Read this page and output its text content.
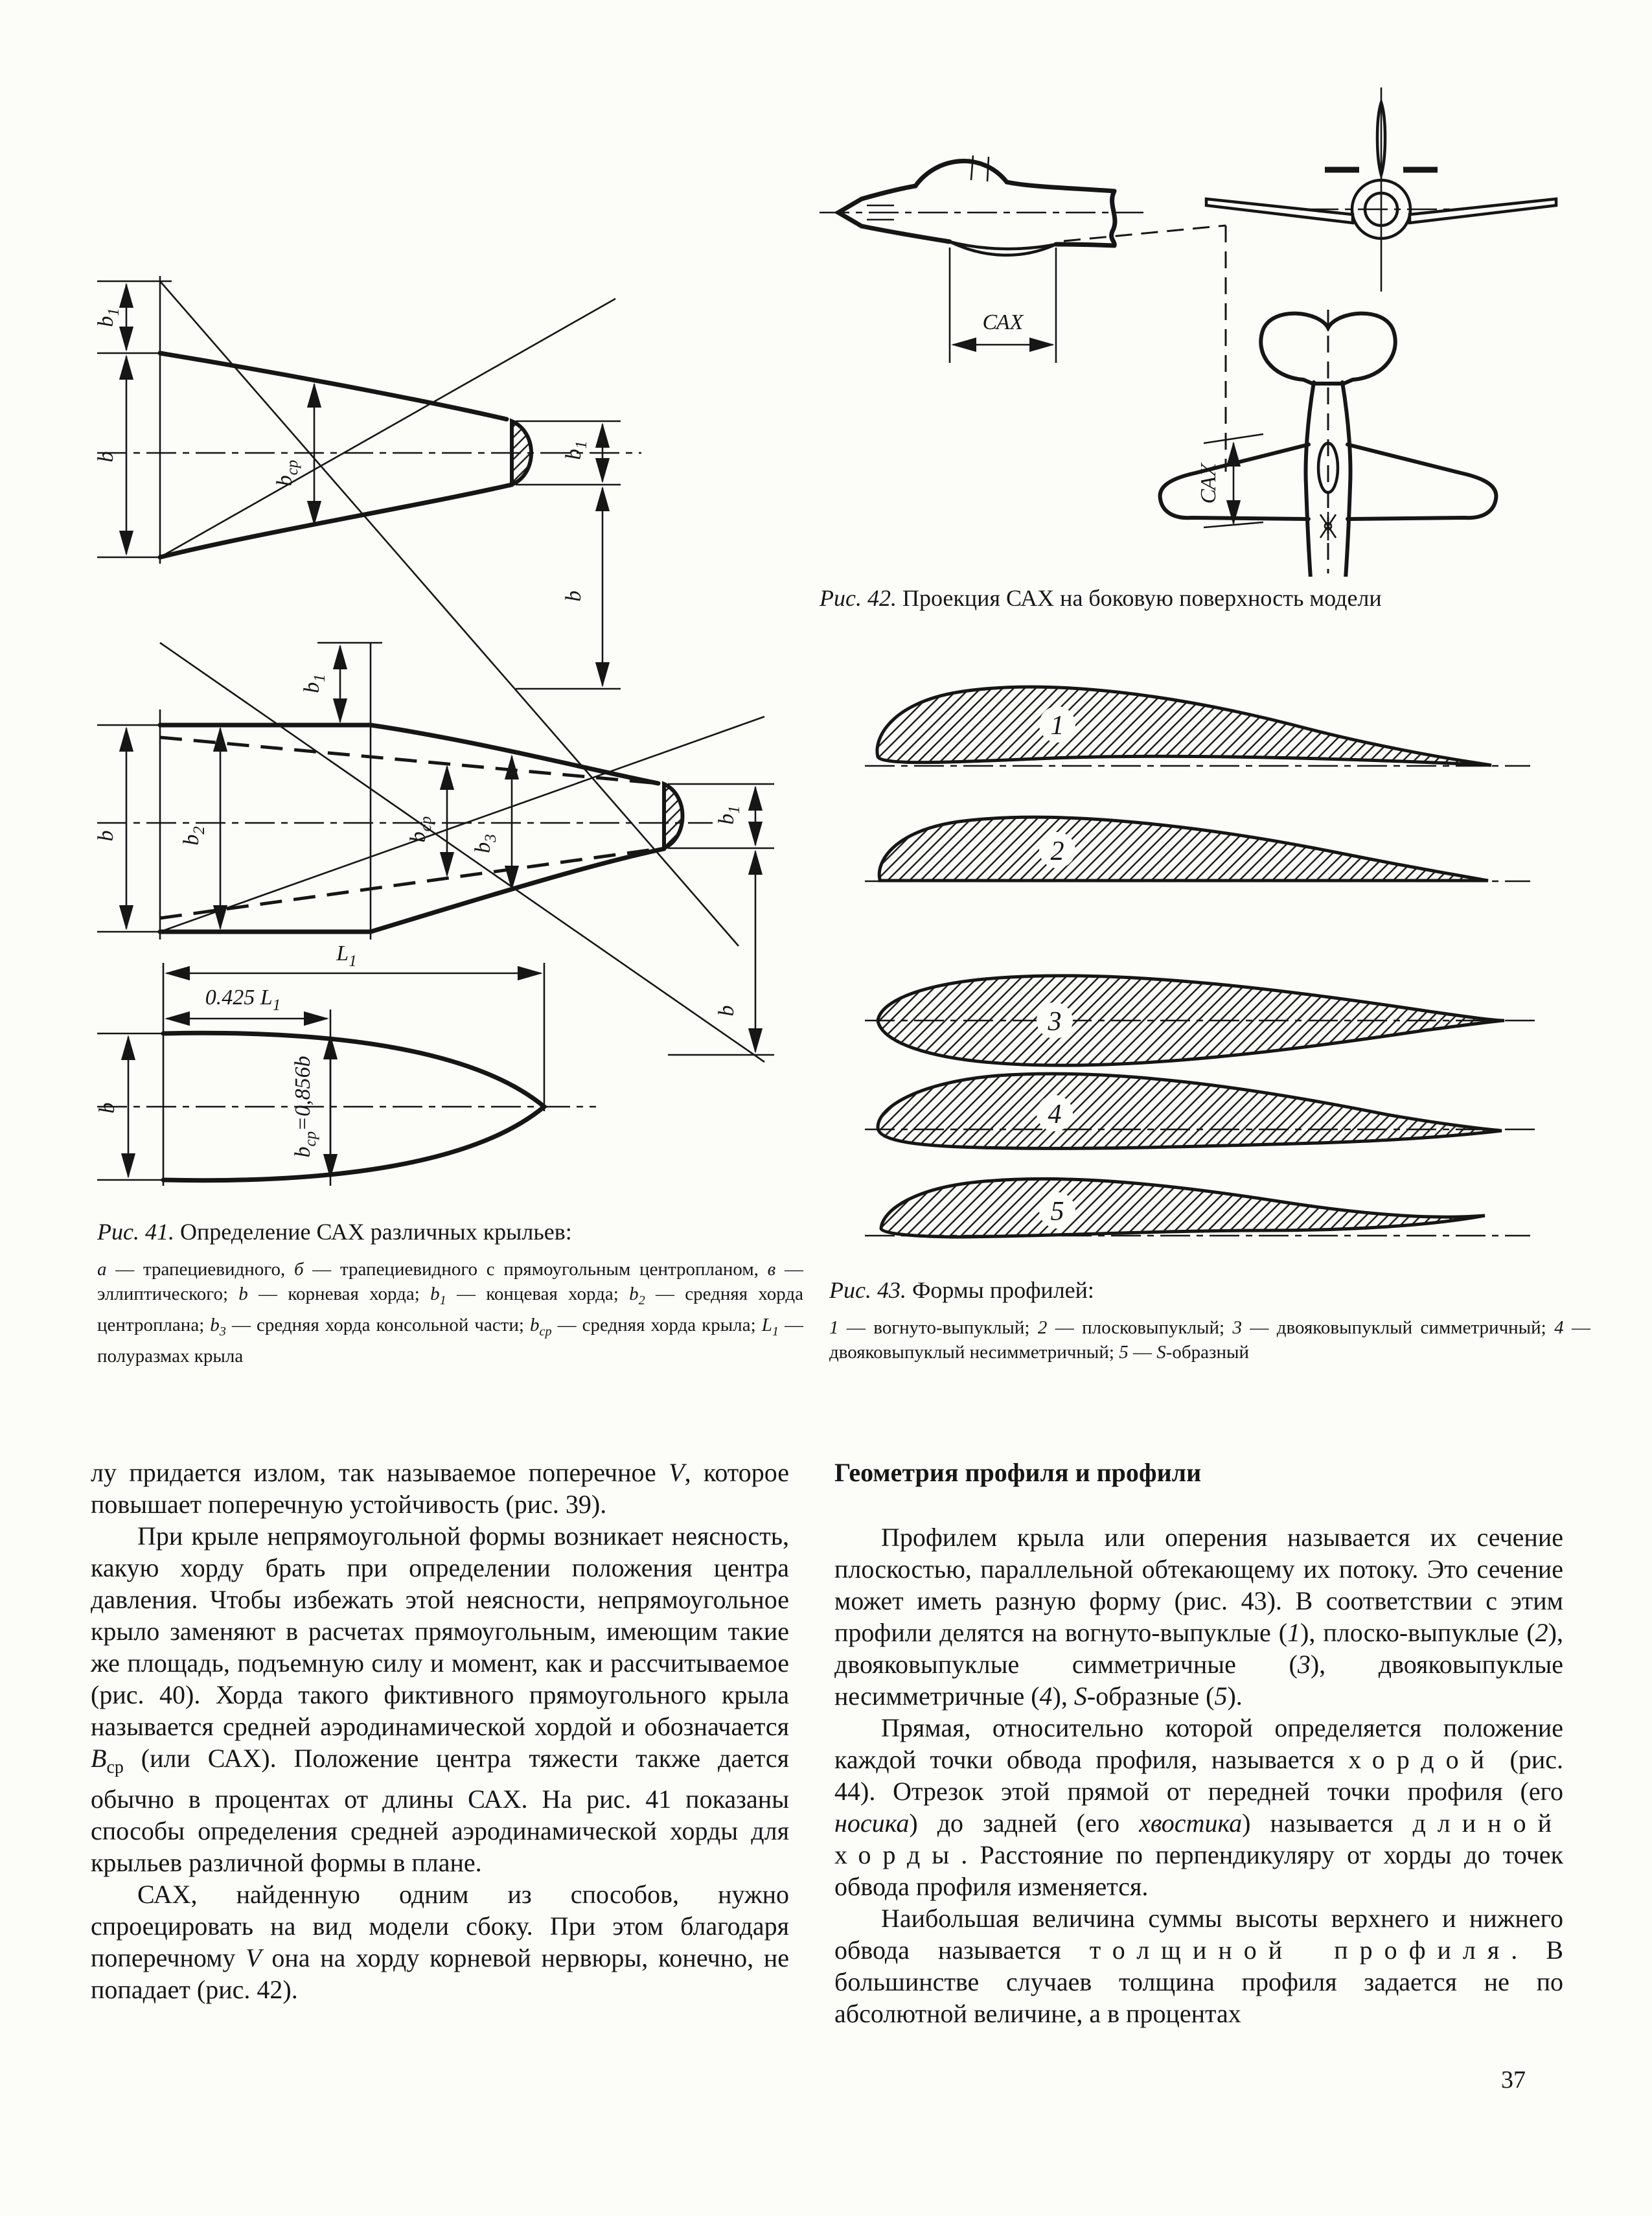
$b_1$
b	$b_1$
b
$b_{ср}$
$b_1$
b	$b_2$
$b_{ср}$
$b_3$
$b_1$
b
$L_1$
0.425 $L_1$
b
$b_{ср}=0,856b$

Рис. 41. Определение САХ различных крыльев:

а — трапециевидного, б — трапециевидного с прямоугольным центропланом, в — эллиптического; b — корневая хорда; $b_1$ — концевая хорда; $b_2$ — средняя хорда центроплана; $b_3$ — средняя хорда консольной части; $b_{ср}$ — средняя хорда крыла; $L_1$ — полуразмах крыла

САХ
САХ

Рис. 42. Проекция САХ на боковую поверхность модели

1
2
3
4
5

Рис. 43. Формы профилей:

1 — вогнуто-выпуклый; 2 — плосковыпуклый; 3 — двояковыпуклый симметричный; 4 — двояковыпуклый несимметричный; 5 — S-образный

лу придается излом, так называемое поперечное V, которое повышает поперечную устойчивость (рис. 39).

При крыле непрямоугольной формы возникает неясность, какую хорду брать при определении положения центра давления. Чтобы избежать этой неясности, непрямоугольное крыло заменяют в расчетах прямоугольным, имеющим такие же площадь, подъемную силу и момент, как и рассчитываемое (рис. 40). Хорда такого фиктивного прямоугольного крыла называется средней аэродинамической хордой и обозначается $B_{ср}$ (или САХ). Положение центра тяжести также дается обычно в процентах от длины САХ. На рис. 41 показаны способы определения средней аэродинамической хорды для крыльев различной формы в плане.

САХ, найденную одним из способов, нужно спроецировать на вид модели сбоку. При этом благодаря поперечному V она на хорду корневой нервюры, конечно, не попадает (рис. 42).

Геометрия профиля и профили

Профилем крыла или оперения называется их сечение плоскостью, параллельной обтекающему их потоку. Это сечение может иметь разную форму (рис. 43). В соответствии с этим профили делятся на вогнуто-выпуклые (1), плоско-выпуклые (2), двояковыпуклые симметричные (3), двояковыпуклые несимметричные (4), S-образные (5).

Прямая, относительно которой определяется положение каждой точки обвода профиля, называется хордой (рис. 44). Отрезок этой прямой от передней точки профиля (его носика) до задней (его хвостика) называется длиной хорды. Расстояние по перпендикуляру от хорды до точек обвода профиля изменяется.

Наибольшая величина суммы высоты верхнего и нижнего обвода называется толщиной профиля. В большинстве случаев толщина профиля задается не по абсолютной величине, а в процентах

37
